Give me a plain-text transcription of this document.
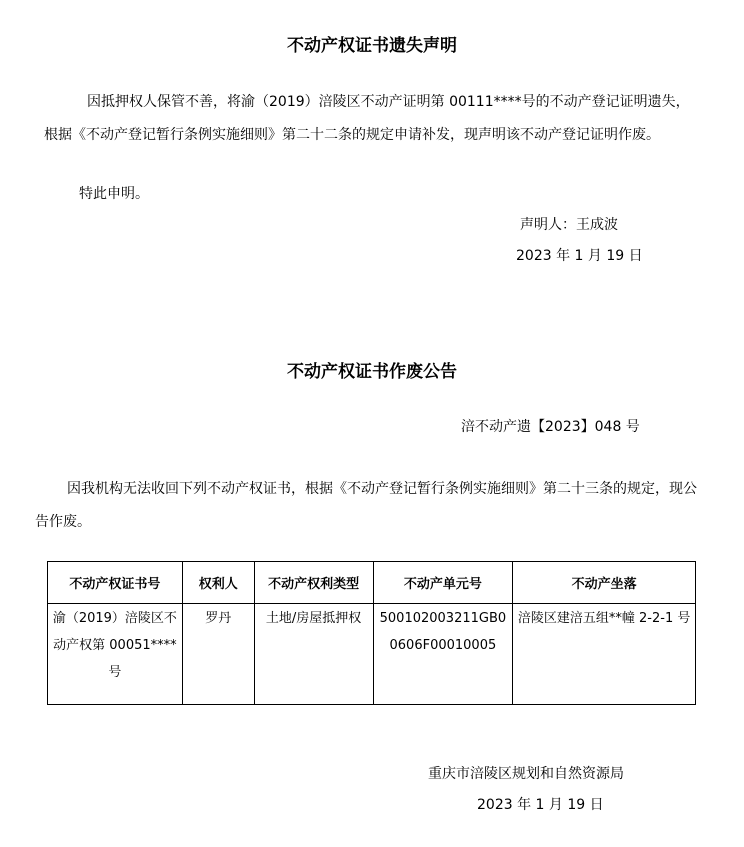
不动产权证书遗失声明
因抵押权人保管不善，将渝（2019）涪陵区不动产证明第 00111****号的不动产登记证明遗失，根据《不动产登记暂行条例实施细则》第二十二条的规定申请补发，现声明该不动产登记证明作废。
特此申明。
声明人：王成波
2023 年 1 月 19 日
不动产权证书作废公告
涪不动产遗【2023】048 号
因我机构无法收回下列不动产权证书，根据《不动产登记暂行条例实施细则》第二十三条的规定，现公告作废。
不动产权证书号	权利人	不动产权利类型	不动产单元号	不动产坐落
渝（2019）涪陵区不动产权第 00051****号	罗丹	土地/房屋抵押权	500102003211GB00606F00010005	涪陵区建涪五组**幢 2-2-1 号
重庆市涪陵区规划和自然资源局
2023 年 1 月 19 日
